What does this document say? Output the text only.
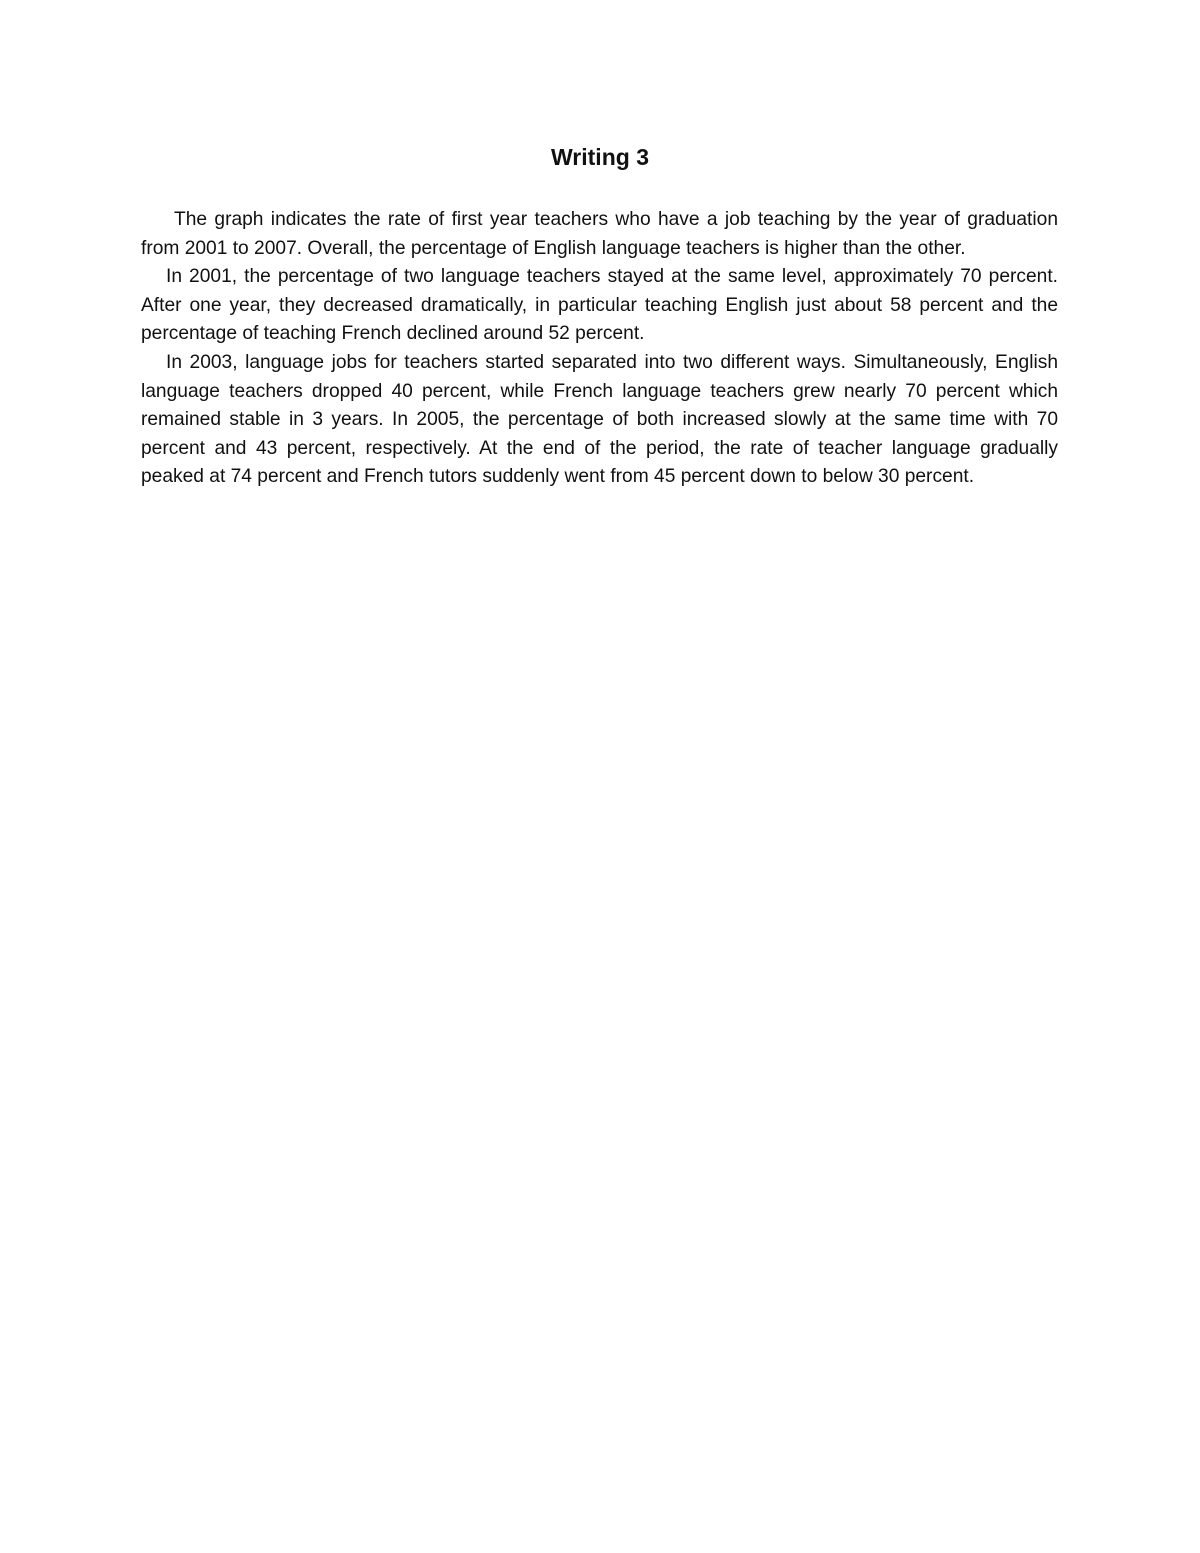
Writing 3

The graph indicates the rate of first year teachers who have a job teaching by the year of graduation from 2001 to 2007. Overall, the percentage of English language teachers is higher than the other.

In 2001, the percentage of two language teachers stayed at the same level, approximately 70 percent. After one year, they decreased dramatically, in particular teaching English just about 58 percent and the percentage of teaching French declined around 52 percent.

In 2003, language jobs for teachers started separated into two different ways. Simultaneously, English language teachers dropped 40 percent, while French language teachers grew nearly 70 percent which remained stable in 3 years. In 2005, the percentage of both increased slowly at the same time with 70 percent and 43 percent, respectively. At the end of the period, the rate of teacher language gradually peaked at 74 percent and French tutors suddenly went from 45 percent down to below 30 percent.
